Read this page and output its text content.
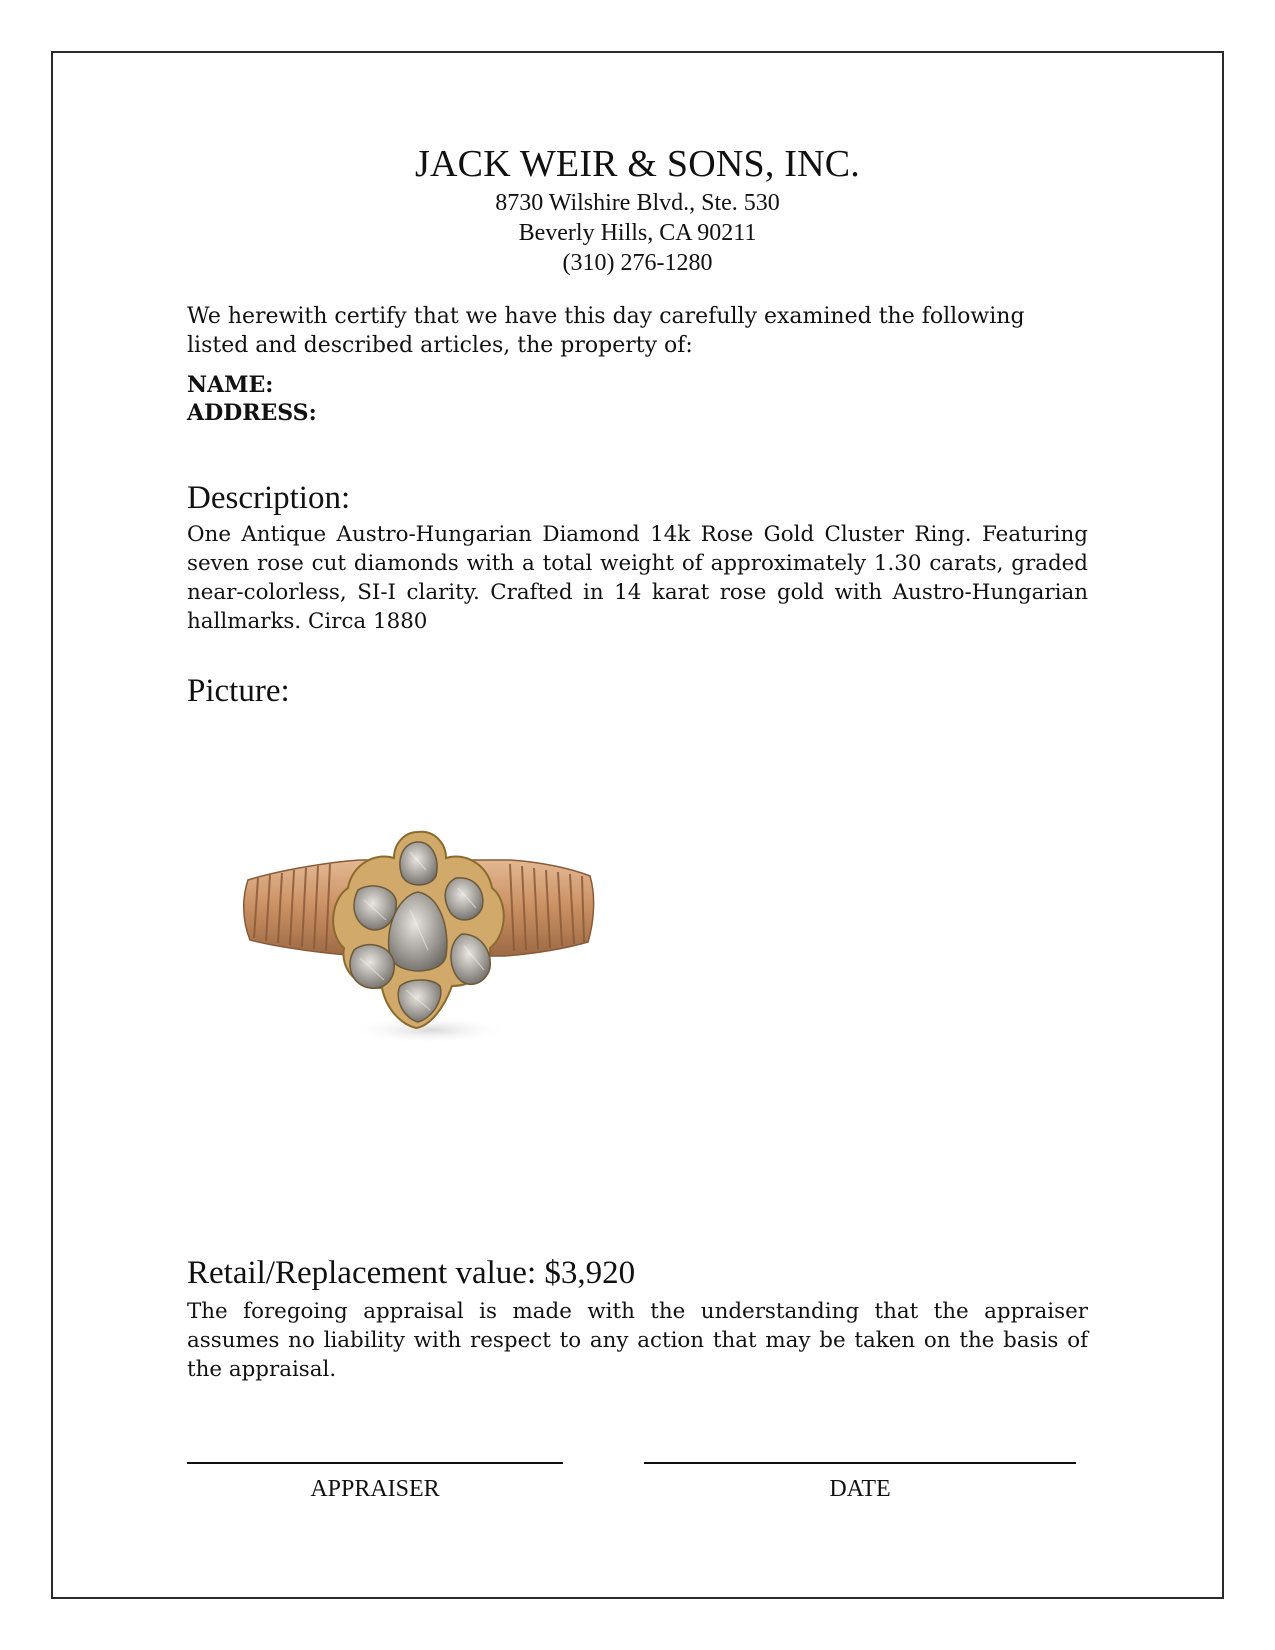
JACK WEIR & SONS, INC.
8730 Wilshire Blvd., Ste. 530
Beverly Hills, CA 90211
(310) 276-1280
We herewith certify that we have this day carefully examined the following listed and described articles, the property of:
NAME:
ADDRESS:
Description:
One Antique Austro-Hungarian Diamond 14k Rose Gold Cluster Ring. Featuring seven rose cut diamonds with a total weight of approximately 1.30 carats, graded near-colorless, SI-I clarity. Crafted in 14 karat rose gold with Austro-Hungarian hallmarks. Circa 1880
Picture:
Retail/Replacement value: $3,920
The foregoing appraisal is made with the understanding that the appraiser assumes no liability with respect to any action that may be taken on the basis of the appraisal.
APPRAISER	DATE
